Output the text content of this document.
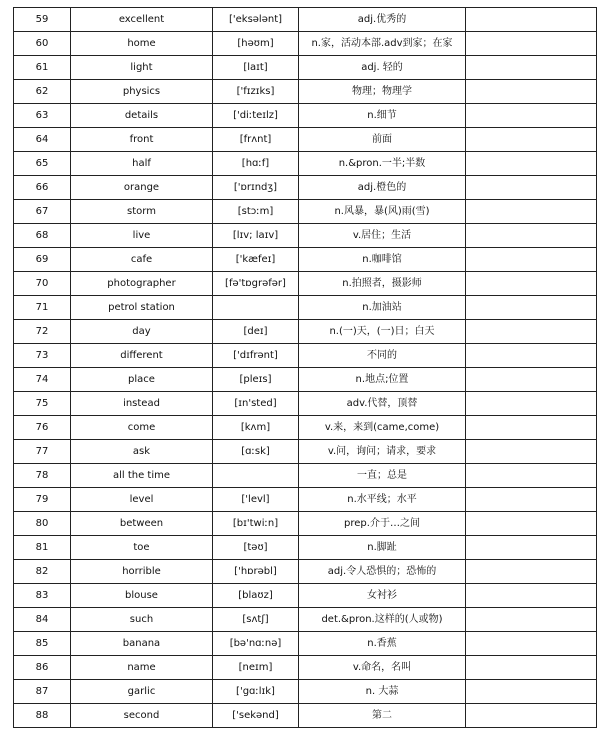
59	excellent	['eksələnt]	adj.优秀的	
60	home	[həʊm]	n.家，活动本部.adv到家；在家	
61	light	[laɪt]	adj. 轻的	
62	physics	['fɪzɪks]	物理；物理学	
63	details	['diːteɪlz]	n.细节	
64	front	[frʌnt]	前面	
65	half	[hɑːf]	n.&pron.一半;半数	
66	orange	['ɒrɪndʒ]	adj.橙色的	
67	storm	[stɔːm]	n.风暴，暴(风)雨(雪)	
68	live	[lɪv; laɪv]	v.居住；生活	
69	cafe	['kæfeɪ]	n.咖啡馆	
70	photographer	[fə'tɒgrəfər]	n.拍照者，摄影师	
71	petrol station		n.加油站	
72	day	[deɪ]	n.(一)天，(一)日；白天	
73	different	['dɪfrənt]	不同的	
74	place	[pleɪs]	n.地点;位置	
75	instead	[ɪn'sted]	adv.代替，顶替	
76	come	[kʌm]	v.来，来到(came,come)	
77	ask	[ɑːsk]	v.问，询问；请求，要求	
78	all the time		一直；总是	
79	level	['levl]	n.水平线；水平	
80	between	[bɪ'twiːn]	prep.介于…之间	
81	toe	[təʊ]	n.脚趾	
82	horrible	['hɒrəbl]	adj.令人恐惧的；恐怖的	
83	blouse	[blaʊz]	女衬衫	
84	such	[sʌtʃ]	det.&pron.这样的(人或物)	
85	banana	[bə'nɑːnə]	n.香蕉	
86	name	[neɪm]	v.命名，名叫	
87	garlic	['gɑːlɪk]	n. 大蒜	
88	second	['sekənd]	第二	
